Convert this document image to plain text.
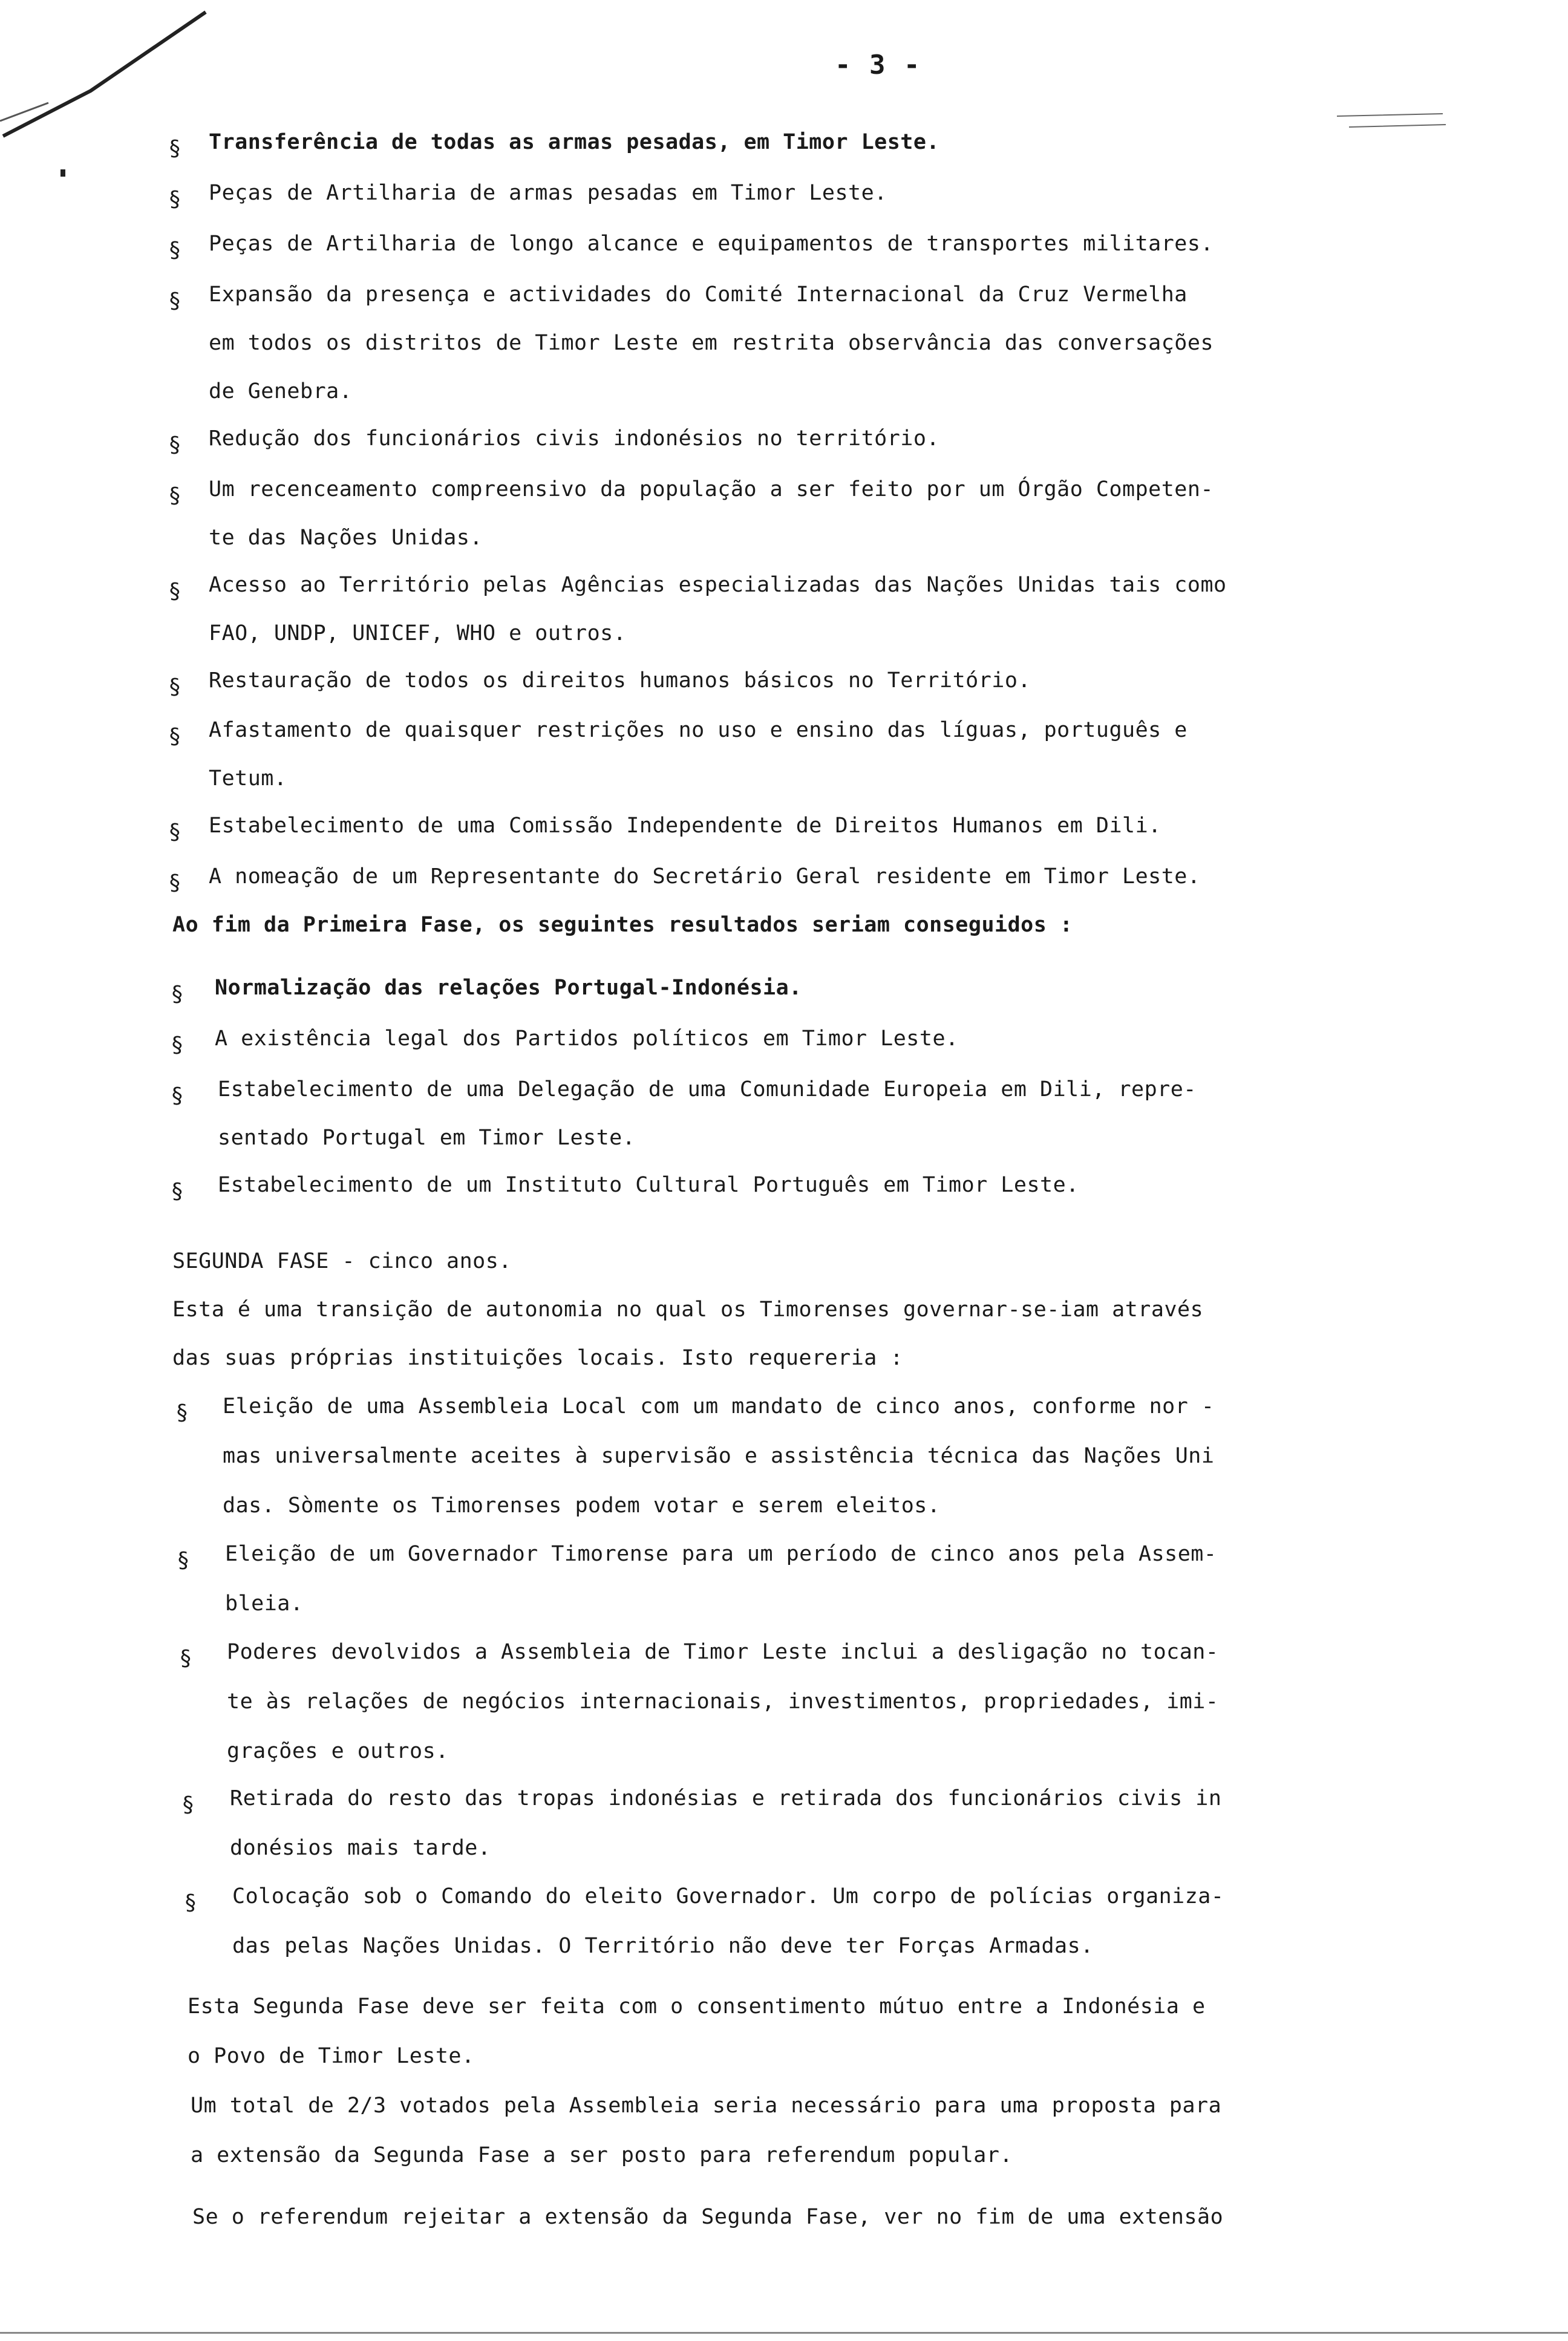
- 3 -
§ Transferência de todas as armas pesadas, em Timor Leste.
§ Peças de Artilharia de armas pesadas em Timor Leste.
§ Peças de Artilharia de longo alcance e equipamentos de transportes militares.
§ Expansão da presença e actividades do Comité Internacional da Cruz Vermelha
em todos os distritos de Timor Leste em restrita observância das conversações
de Genebra.
§ Redução dos funcionários civis indonésios no território.
§ Um recenceamento compreensivo da população a ser feito por um Órgão Competen-
te das Nações Unidas.
§ Acesso ao Território pelas Agências especializadas das Nações Unidas tais como
FAO, UNDP, UNICEF, WHO e outros.
§ Restauração de todos os direitos humanos básicos no Território.
§ Afastamento de quaisquer restrições no uso e ensino das líguas, português e
Tetum.
§ Estabelecimento de uma Comissão Independente de Direitos Humanos em Dili.
§ A nomeação de um Representante do Secretário Geral residente em Timor Leste.
Ao fim da Primeira Fase, os seguintes resultados seriam conseguidos :
§ Normalização das relações Portugal-Indonésia.
§ A existência legal dos Partidos políticos em Timor Leste.
§ Estabelecimento de uma Delegação de uma Comunidade Europeia em Dili, repre-
sentado Portugal em Timor Leste.
§ Estabelecimento de um Instituto Cultural Português em Timor Leste.
SEGUNDA FASE - cinco anos.
Esta é uma transição de autonomia no qual os Timorenses governar-se-iam através
das suas próprias instituições locais. Isto requereria :
§ Eleição de uma Assembleia Local com um mandato de cinco anos, conforme nor -
mas universalmente aceites à supervisão e assistência técnica das Nações Uni
das. Sòmente os Timorenses podem votar e serem eleitos.
§ Eleição de um Governador Timorense para um período de cinco anos pela Assem-
bleia.
§ Poderes devolvidos a Assembleia de Timor Leste inclui a desligação no tocan-
te às relações de negócios internacionais, investimentos, propriedades, imi-
grações e outros.
§ Retirada do resto das tropas indonésias e retirada dos funcionários civis in
donésios mais tarde.
§ Colocação sob o Comando do eleito Governador. Um corpo de polícias organiza-
das pelas Nações Unidas. O Território não deve ter Forças Armadas.
Esta Segunda Fase deve ser feita com o consentimento mútuo entre a Indonésia e
o Povo de Timor Leste.
Um total de 2/3 votados pela Assembleia seria necessário para uma proposta para
a extensão da Segunda Fase a ser posto para referendum popular.
Se o referendum rejeitar a extensão da Segunda Fase, ver no fim de uma extensão
